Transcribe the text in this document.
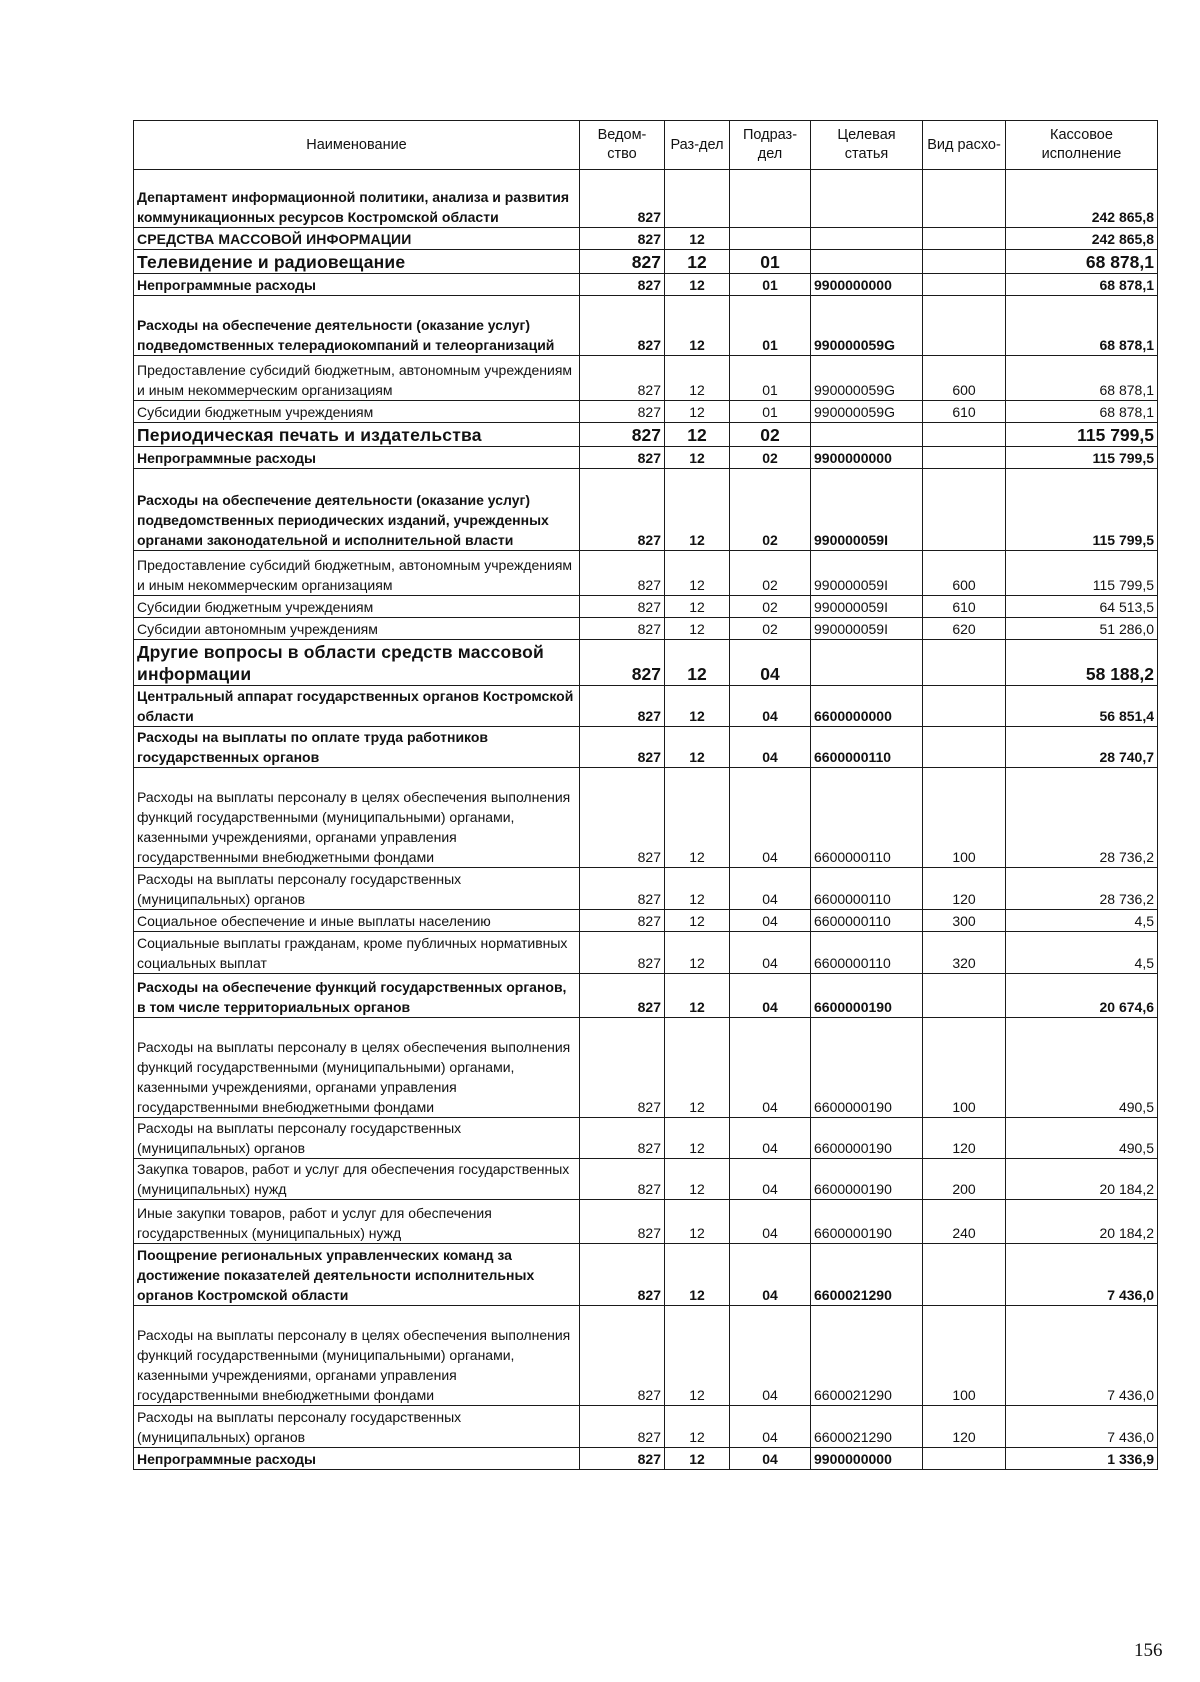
Наименование	Ведом-ство	Раз-дел	Подраз-дел	Целевая статья	Вид расхо-	Кассовое исполнение
Департамент информационной политики, анализа и развития коммуникационных ресурсов Костромской области	827					242 865,8
СРЕДСТВА МАССОВОЙ ИНФОРМАЦИИ	827	12				242 865,8
Телевидение и радиовещание	827	12	01			68 878,1
Непрограммные расходы	827	12	01	9900000000		68 878,1
Расходы на обеспечение деятельности (оказание услуг) подведомственных телерадиокомпаний и телеорганизаций	827	12	01	990000059G		68 878,1
Предоставление субсидий бюджетным, автономным учреждениям и иным некоммерческим организациям	827	12	01	990000059G	600	68 878,1
Субсидии бюджетным учреждениям	827	12	01	990000059G	610	68 878,1
Периодическая печать и издательства	827	12	02			115 799,5
Непрограммные расходы	827	12	02	9900000000		115 799,5
Расходы на обеспечение деятельности (оказание услуг) подведомственных периодических изданий, учрежденных органами законодательной и исполнительной власти	827	12	02	990000059I		115 799,5
Предоставление субсидий бюджетным, автономным учреждениям и иным некоммерческим организациям	827	12	02	990000059I	600	115 799,5
Субсидии бюджетным учреждениям	827	12	02	990000059I	610	64 513,5
Субсидии автономным учреждениям	827	12	02	990000059I	620	51 286,0
Другие вопросы в области средств массовой информации	827	12	04			58 188,2
Центральный аппарат государственных органов Костромской области	827	12	04	6600000000		56 851,4
Расходы на выплаты по оплате труда работников государственных органов	827	12	04	6600000110		28 740,7
Расходы на выплаты персоналу в целях обеспечения выполнения функций государственными (муниципальными) органами, казенными учреждениями, органами управления государственными внебюджетными фондами	827	12	04	6600000110	100	28 736,2
Расходы на выплаты персоналу государственных (муниципальных) органов	827	12	04	6600000110	120	28 736,2
Социальное обеспечение и иные выплаты населению	827	12	04	6600000110	300	4,5
Социальные выплаты гражданам, кроме публичных нормативных социальных выплат	827	12	04	6600000110	320	4,5
Расходы на обеспечение функций государственных органов, в том числе территориальных органов	827	12	04	6600000190		20 674,6
Расходы на выплаты персоналу в целях обеспечения выполнения функций государственными (муниципальными) органами, казенными учреждениями, органами управления государственными внебюджетными фондами	827	12	04	6600000190	100	490,5
Расходы на выплаты персоналу государственных (муниципальных) органов	827	12	04	6600000190	120	490,5
Закупка товаров, работ и услуг для обеспечения государственных (муниципальных) нужд	827	12	04	6600000190	200	20 184,2
Иные закупки товаров, работ и услуг для обеспечения государственных (муниципальных) нужд	827	12	04	6600000190	240	20 184,2
Поощрение региональных управленческих команд за достижение показателей деятельности исполнительных органов Костромской области	827	12	04	6600021290		7 436,0
Расходы на выплаты персоналу в целях обеспечения выполнения функций государственными (муниципальными) органами, казенными учреждениями, органами управления государственными внебюджетными фондами	827	12	04	6600021290	100	7 436,0
Расходы на выплаты персоналу государственных (муниципальных) органов	827	12	04	6600021290	120	7 436,0
Непрограммные расходы	827	12	04	9900000000		1 336,9
156
